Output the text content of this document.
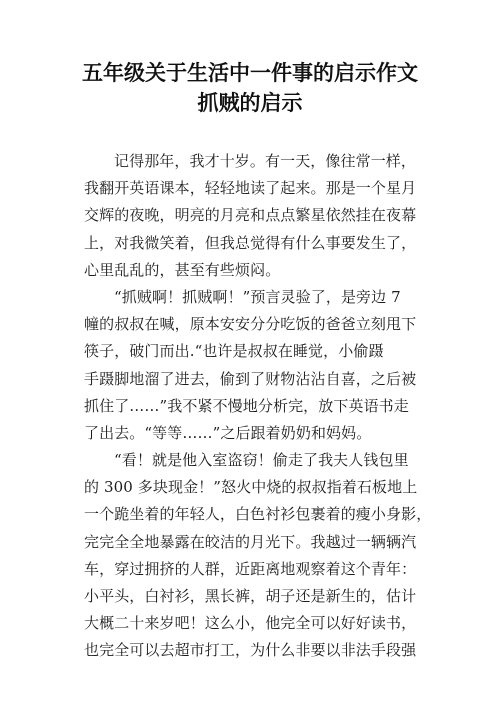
五年级关于生活中一件事的启示作文
抓贼的启示
记得那年，我才十岁。有一天，像往常一样，
我翻开英语课本，轻轻地读了起来。那是一个星月
交辉的夜晚，明亮的月亮和点点繁星依然挂在夜幕
上，对我微笑着，但我总觉得有什么事要发生了，
心里乱乱的，甚至有些烦闷。
“抓贼啊！抓贼啊！”预言灵验了，是旁边 7
幢的叔叔在喊，原本安安分分吃饭的爸爸立刻甩下
筷子，破门而出.“也许是叔叔在睡觉，小偷蹑
手蹑脚地溜了进去，偷到了财物沾沾自喜，之后被
抓住了……”我不紧不慢地分析完，放下英语书走
了出去。“等等……”之后跟着奶奶和妈妈。
“看！就是他入室盗窃！偷走了我夫人钱包里
的 300 多块现金！”怒火中烧的叔叔指着石板地上
一个跪坐着的年轻人，白色衬衫包裹着的瘦小身影，
完完全全地暴露在皎洁的月光下。我越过一辆辆汽
车，穿过拥挤的人群，近距离地观察着这个青年：
小平头，白衬衫，黑长裤，胡子还是新生的，估计
大概二十来岁吧！这么小，他完全可以好好读书，
也完全可以去超市打工，为什么非要以非法手段强
